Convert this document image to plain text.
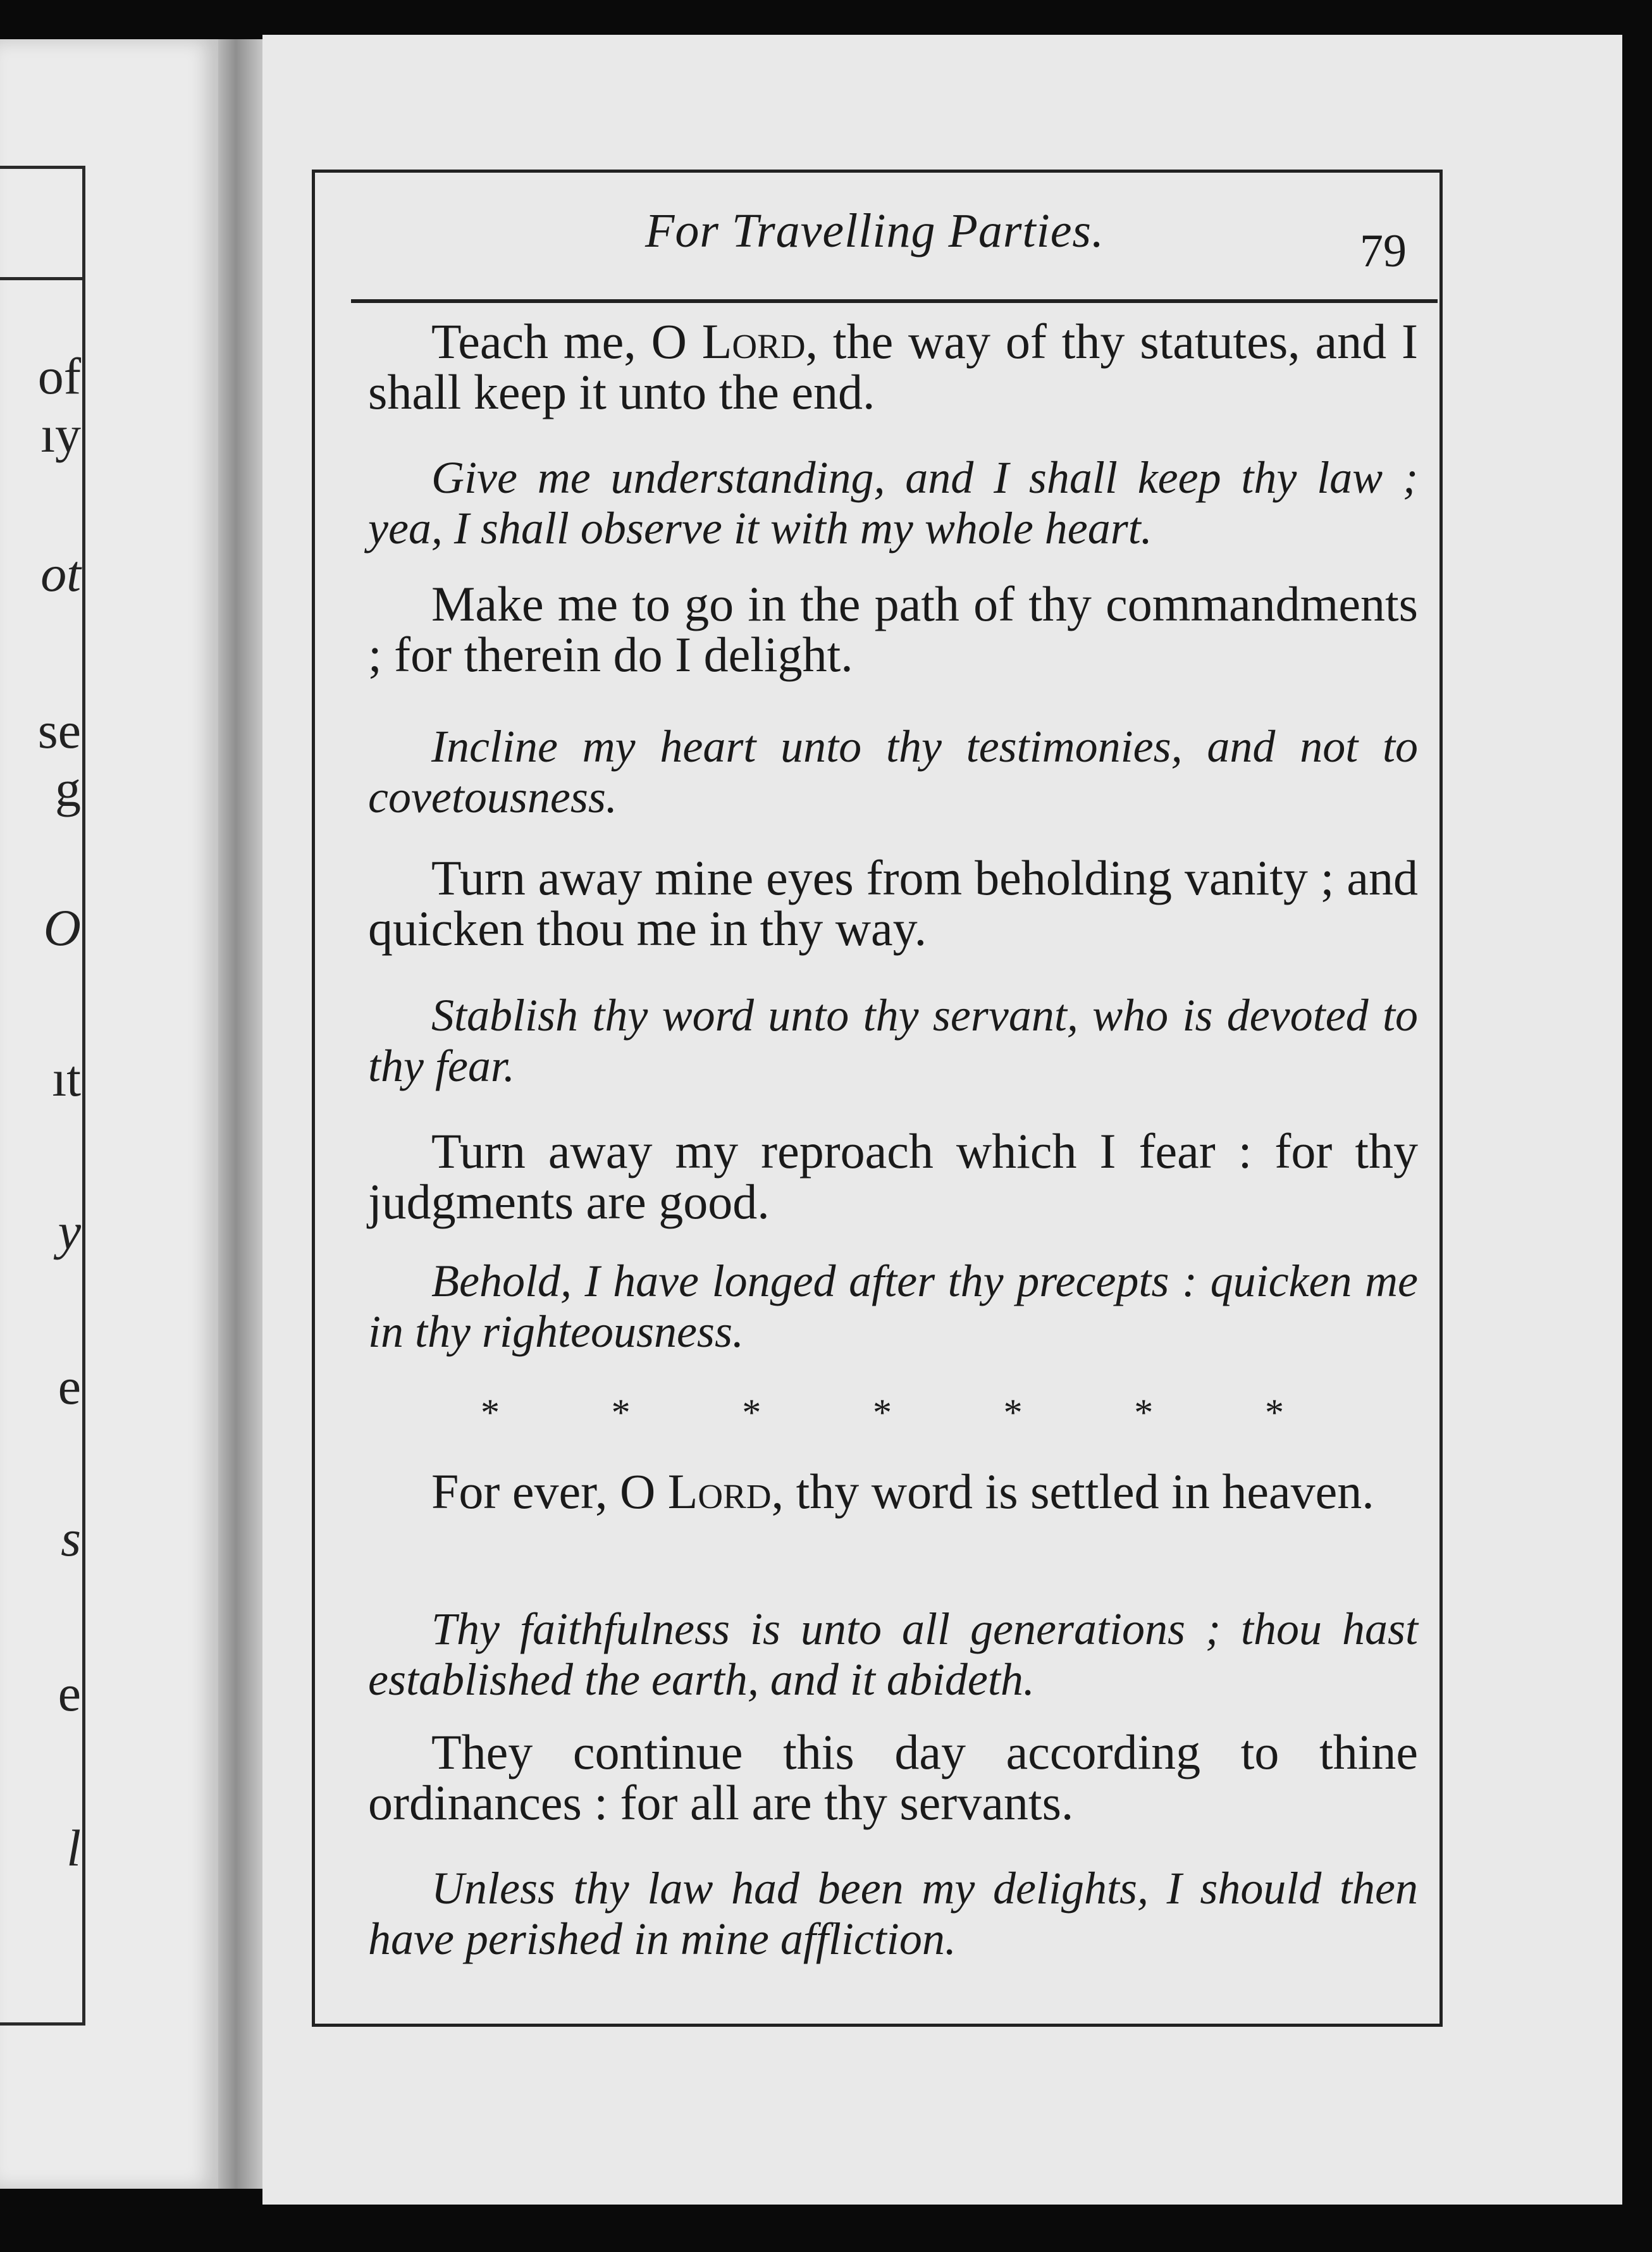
of
ıy
ot
se
g
O
ıt
y
e
s
e
l
For Travelling Parties.	79
Teach me, O Lord, the way of thy statutes, and I shall keep it unto the end.
Give me understanding, and I shall keep thy law ; yea, I shall observe it with my whole heart.
Make me to go in the path of thy commandments ; for therein do I delight.
Incline my heart unto thy testimonies, and not to covetousness.
Turn away mine eyes from beholding vanity ; and quicken thou me in thy way.
Stablish thy word unto thy servant, who is devoted to thy fear.
Turn away my reproach which I fear : for thy judgments are good.
Behold, I have longed after thy precepts : quicken me in thy righteousness.
*	*	*	*	*	*	*
For ever, O Lord, thy word is settled in heaven.
Thy faithfulness is unto all generations ; thou hast established the earth, and it abideth.
They continue this day according to thine ordinances : for all are thy servants.
Unless thy law had been my delights, I should then have perished in mine affliction.
